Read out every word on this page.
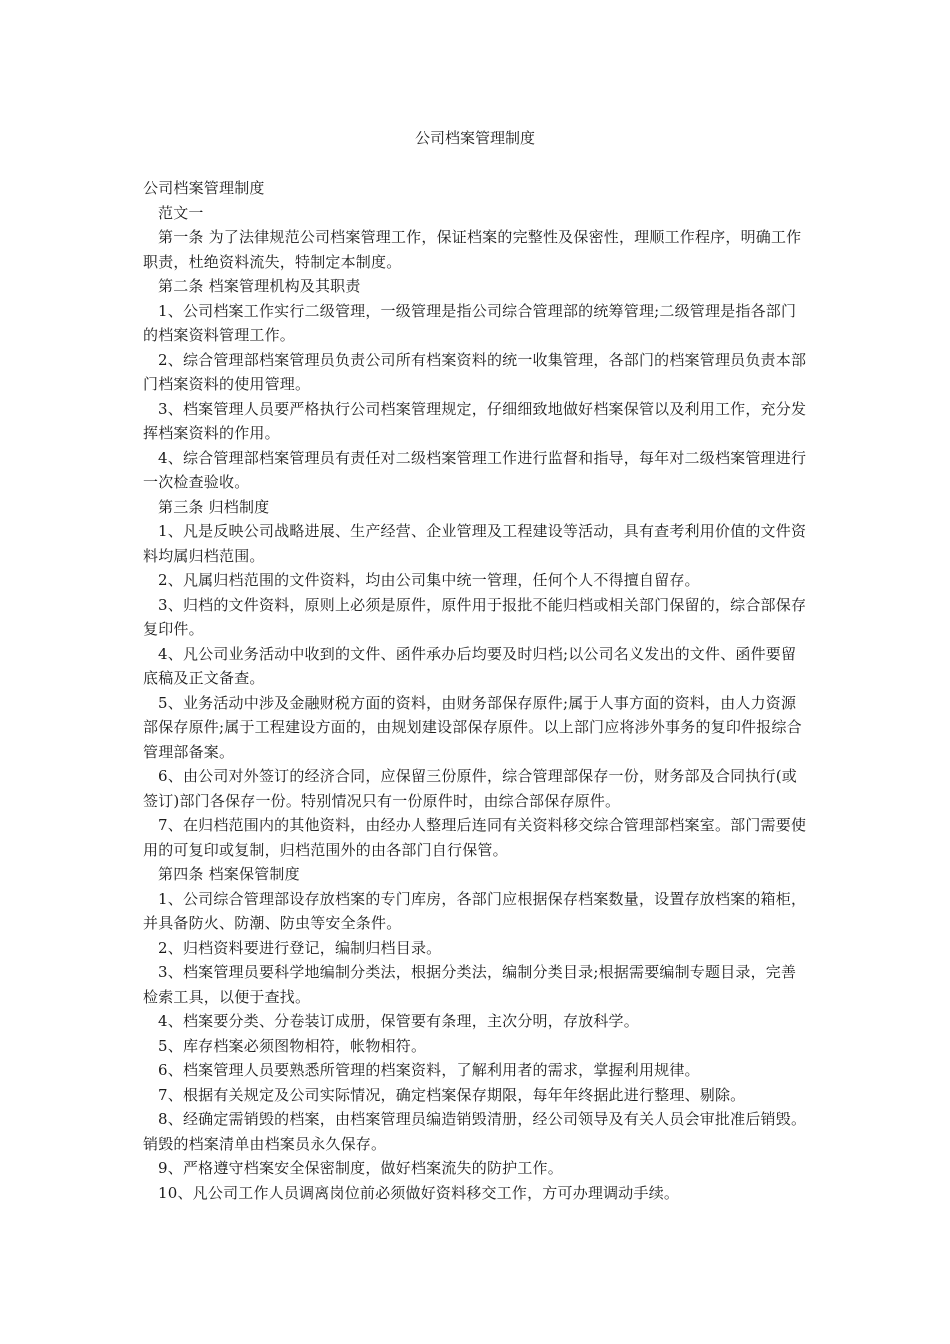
公司档案管理制度

公司档案管理制度

范文一

第一条 为了法律规范公司档案管理工作，保证档案的完整性及保密性，理顺工作程序，明确工作职责，杜绝资料流失，特制定本制度。

第二条 档案管理机构及其职责

1、公司档案工作实行二级管理，一级管理是指公司综合管理部的统筹管理;二级管理是指各部门的档案资料管理工作。

2、综合管理部档案管理员负责公司所有档案资料的统一收集管理，各部门的档案管理员负责本部门档案资料的使用管理。

3、档案管理人员要严格执行公司档案管理规定，仔细细致地做好档案保管以及利用工作，充分发挥档案资料的作用。

4、综合管理部档案管理员有责任对二级档案管理工作进行监督和指导，每年对二级档案管理进行一次检查验收。

第三条 归档制度

1、凡是反映公司战略进展、生产经营、企业管理及工程建设等活动，具有查考利用价值的文件资料均属归档范围。

2、凡属归档范围的文件资料，均由公司集中统一管理，任何个人不得擅自留存。

3、归档的文件资料，原则上必须是原件，原件用于报批不能归档或相关部门保留的，综合部保存复印件。

4、凡公司业务活动中收到的文件、函件承办后均要及时归档;以公司名义发出的文件、函件要留底稿及正文备查。

5、业务活动中涉及金融财税方面的资料，由财务部保存原件;属于人事方面的资料，由人力资源部保存原件;属于工程建设方面的，由规划建设部保存原件。以上部门应将涉外事务的复印件报综合管理部备案。

6、由公司对外签订的经济合同，应保留三份原件，综合管理部保存一份，财务部及合同执行(或签订)部门各保存一份。特别情况只有一份原件时，由综合部保存原件。

7、在归档范围内的其他资料，由经办人整理后连同有关资料移交综合管理部档案室。部门需要使用的可复印或复制，归档范围外的由各部门自行保管。

第四条 档案保管制度

1、公司综合管理部设存放档案的专门库房，各部门应根据保存档案数量，设置存放档案的箱柜，并具备防火、防潮、防虫等安全条件。

2、归档资料要进行登记，编制归档目录。

3、档案管理员要科学地编制分类法，根据分类法，编制分类目录;根据需要编制专题目录，完善检索工具，以便于查找。

4、档案要分类、分卷装订成册，保管要有条理，主次分明，存放科学。

5、库存档案必须图物相符，帐物相符。

6、档案管理人员要熟悉所管理的档案资料，了解利用者的需求，掌握利用规律。

7、根据有关规定及公司实际情况，确定档案保存期限，每年年终据此进行整理、剔除。

8、经确定需销毁的档案，由档案管理员编造销毁清册，经公司领导及有关人员会审批准后销毁。销毁的档案清单由档案员永久保存。

9、严格遵守档案安全保密制度，做好档案流失的防护工作。

10、凡公司工作人员调离岗位前必须做好资料移交工作，方可办理调动手续。
